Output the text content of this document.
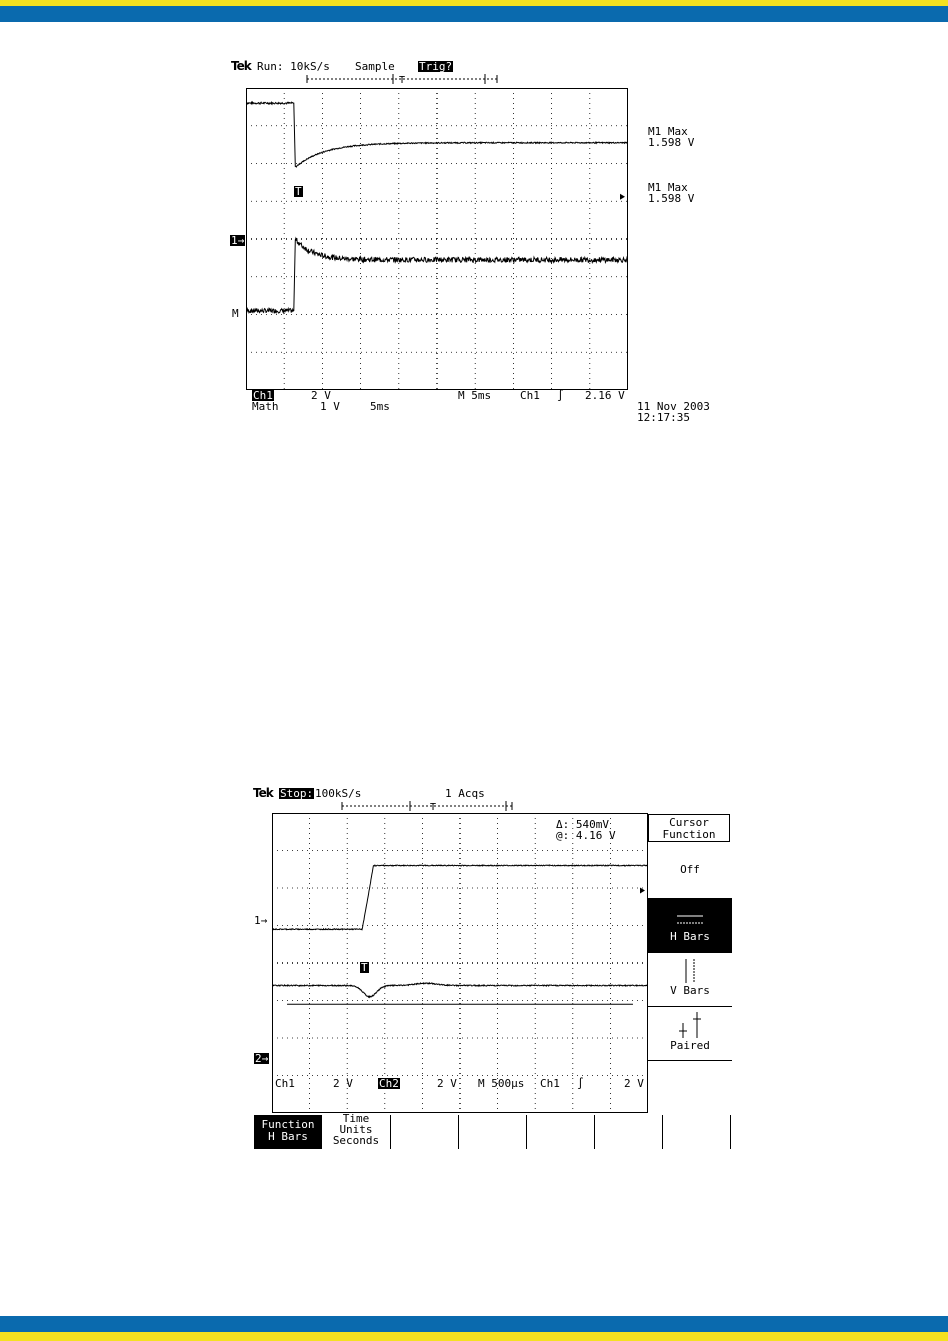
Tek Run: 10kS/s Sample Trig?
T
1→
M
T
M1 Max
1.598 V
M1 Max
1.598 V
Ch1	2 V
Math	1 V	5ms
M 5ms	Ch1 ∫ 2.16 V
11 Nov 2003
12:17:35
Tek Stop: 100kS/s	1 Acqs
T
Δ: 540mV
@: 4.16 V
1→
2→
T
Ch1	2 V Ch2	2 V M 500µs Ch1 ∫	2 V
Cursor
Function
Off
H Bars
V Bars
Paired
Function
H Bars
Time
Units
Seconds
